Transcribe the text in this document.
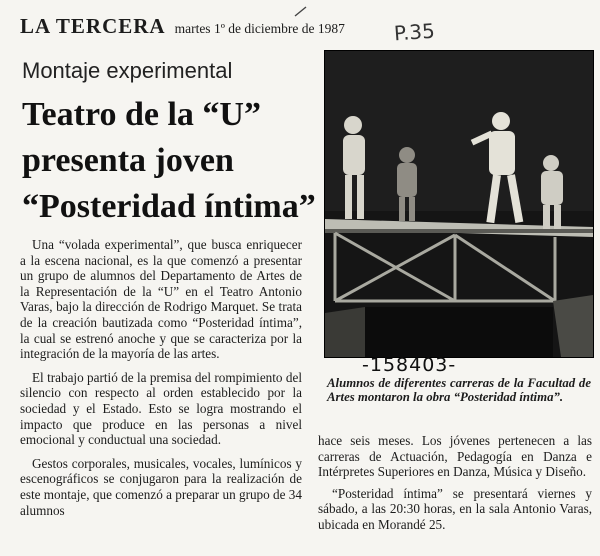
LA TERCERA martes 1º de diciembre de 1987 P.35
Montaje experimental
Teatro de la “U”
presenta joven
“Posteridad íntima”

Una “volada experimental”, que busca enriquecer a la escena nacional, es la que comenzó a presentar un grupo de alumnos del Departamento de Artes de la Representación de la “U” en el Teatro Antonio Varas, bajo la dirección de Rodrigo Marquet. Se trata de la creación bautizada como “Posteridad íntima”, la cual se estrenó anoche y que se caracteriza por la integración de la mayoría de las artes.

El trabajo partió de la premisa del rompimiento del silencio con respecto al orden establecido por la sociedad y el Estado. Esto se logra mostrando el impacto que produce en las personas a nivel emocional y conductual una sociedad.

Gestos corporales, musicales, vocales, lumínicos y escenográficos se conjugaron para la realización de este montaje, que comenzó a preparar un grupo de 34 alumnos

-158403-
Alumnos de diferentes carreras de la Facultad de Artes montaron la obra “Posteridad íntima”.

hace seis meses. Los jóvenes pertenecen a las carreras de Actuación, Pedagogía en Danza e Intérpretes Superiores en Danza, Música y Diseño.

“Posteridad íntima” se presentará viernes y sábado, a las 20:30 horas, en la sala Antonio Varas, ubicada en Morandé 25.
